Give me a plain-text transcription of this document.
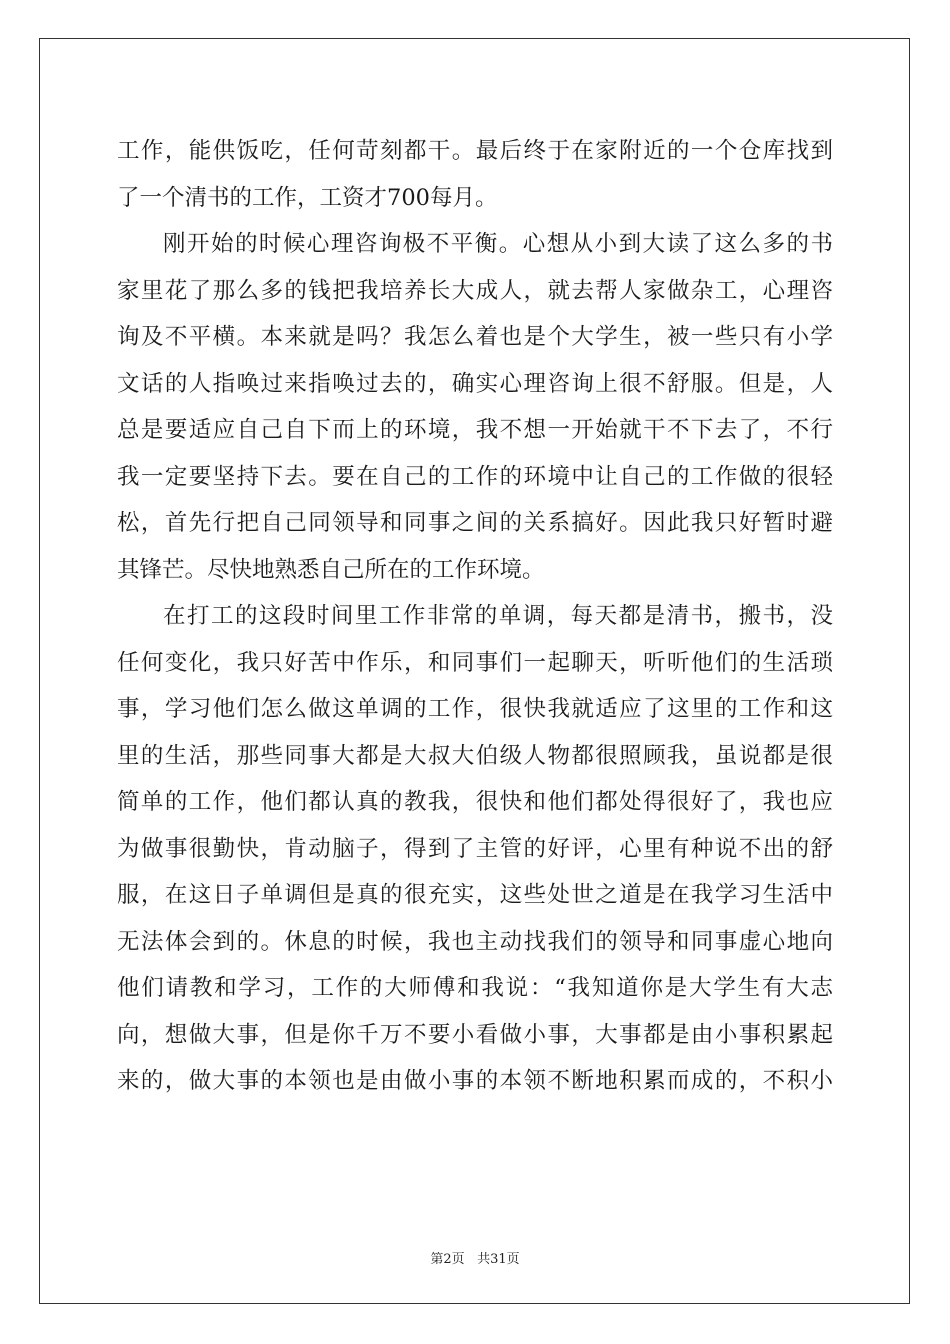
工作，能供饭吃，任何苛刻都干。最后终于在家附近的一个仓库找到
了一个清书的工作，工资才700每月。
刚开始的时候心理咨询极不平衡。心想从小到大读了这么多的书
家里花了那么多的钱把我培养长大成人，就去帮人家做杂工，心理咨
询及不平横。本来就是吗？我怎么着也是个大学生，被一些只有小学
文话的人指唤过来指唤过去的，确实心理咨询上很不舒服。但是，人
总是要适应自己自下而上的环境，我不想一开始就干不下去了，不行
我一定要坚持下去。要在自己的工作的环境中让自己的工作做的很轻
松，首先行把自己同领导和同事之间的关系搞好。因此我只好暂时避
其锋芒。尽快地熟悉自己所在的工作环境。
在打工的这段时间里工作非常的单调，每天都是清书，搬书，没
任何变化，我只好苦中作乐，和同事们一起聊天，听听他们的生活琐
事，学习他们怎么做这单调的工作，很快我就适应了这里的工作和这
里的生活，那些同事大都是大叔大伯级人物都很照顾我，虽说都是很
简单的工作，他们都认真的教我，很快和他们都处得很好了，我也应
为做事很勤快，肯动脑子，得到了主管的好评，心里有种说不出的舒
服，在这日子单调但是真的很充实，这些处世之道是在我学习生活中
无法体会到的。休息的时候，我也主动找我们的领导和同事虚心地向
他们请教和学习，工作的大师傅和我说：“我知道你是大学生有大志
向，想做大事，但是你千万不要小看做小事，大事都是由小事积累起
来的，做大事的本领也是由做小事的本领不断地积累而成的，不积小
第2页 共31页
